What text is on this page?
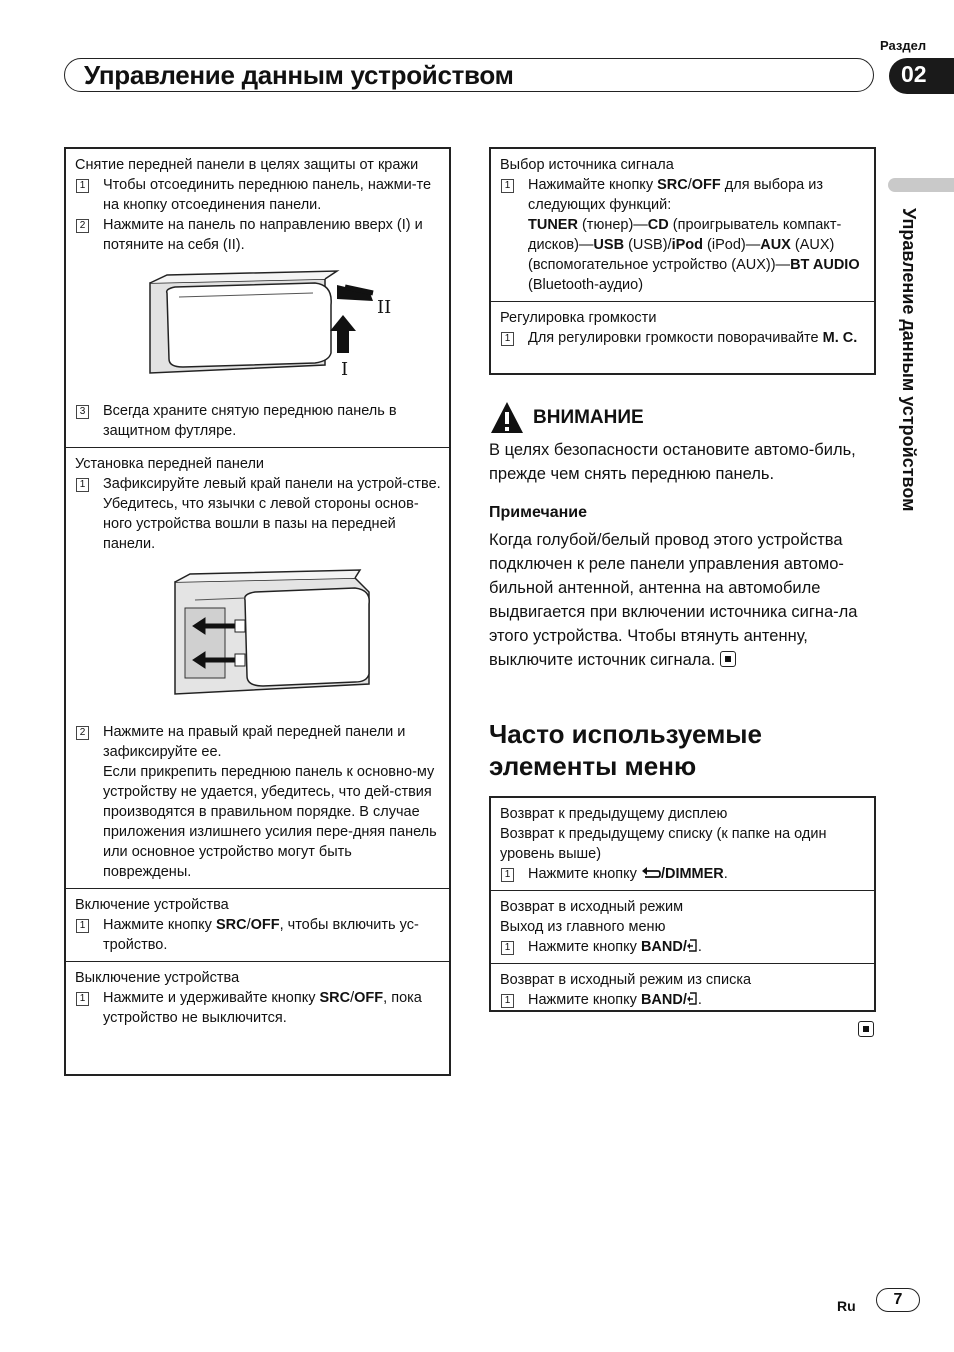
Раздел
Управление данным устройством	02
Управление данным устройством
Снятие передней панели в целях защиты от кражи
1 Чтобы отсоединить переднюю панель, нажми-те на кнопку отсоединения панели.
2 Нажмите на панель по направлению вверх (I) и потяните на себя (II).
II
I
3 Всегда храните снятую переднюю панель в защитном футляре.
Установка передней панели
1 Зафиксируйте левый край панели на устрой-стве.
Убедитесь, что язычки с левой стороны основ-ного устройства вошли в пазы на передней панели.
2 Нажмите на правый край передней панели и зафиксируйте ее.
Если прикрепить переднюю панель к основно-му устройству не удается, убедитесь, что дей-ствия производятся в правильном порядке. В случае приложения излишнего усилия пере-дняя панель или основное устройство могут быть повреждены.
Включение устройства
1 Нажмите кнопку SRC/OFF, чтобы включить ус-тройство.
Выключение устройства
1 Нажмите и удерживайте кнопку SRC/OFF, пока устройство не выключится.
Выбор источника сигнала
1 Нажимайте кнопку SRC/OFF для выбора из следующих функций:
TUNER (тюнер)—CD (проигрыватель компакт-дисков)—USB (USB)/iPod (iPod)—AUX (AUX) (вспомогательное устройство (AUX))—BT AUDIO (Bluetooth-аудио)
Регулировка громкости
1 Для регулировки громкости поворачивайте M. C.
ВНИМАНИЕ
В целях безопасности остановите автомо-биль, прежде чем снять переднюю панель.
Примечание
Когда голубой/белый провод этого устройства подключен к реле панели управления автомо-бильной антенной, антенна на автомобиле выдвигается при включении источника сигна-ла этого устройства. Чтобы втянуть антенну, выключите источник сигнала.
Часто используемые элементы меню
Возврат к предыдущему дисплею
Возврат к предыдущему списку (к папке на один уровень выше)
1 Нажмите кнопку /DIMMER.
Возврат в исходный режим
Выход из главного меню
1 Нажмите кнопку BAND/ .
Возврат в исходный режим из списка
1 Нажмите кнопку BAND/ .
Ru	7
